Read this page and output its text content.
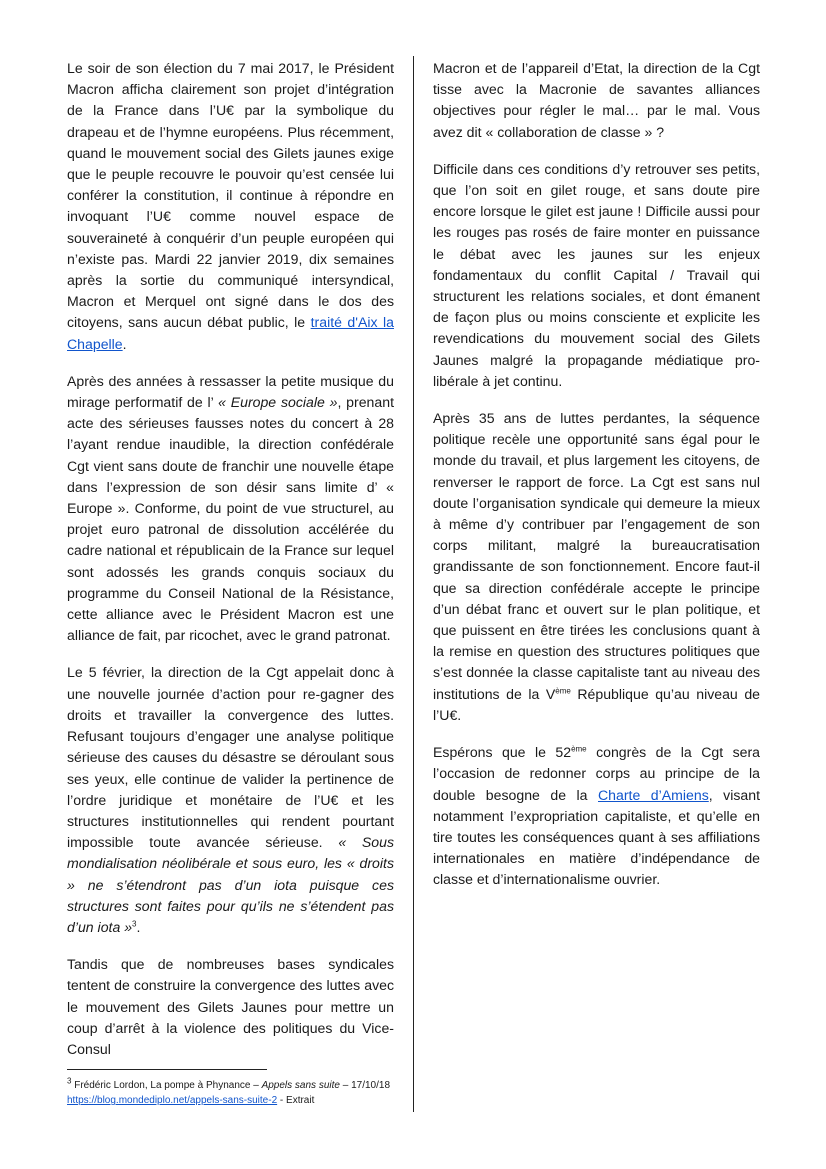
Le soir de son élection du 7 mai 2017, le Président Macron afficha clairement son projet d’intégration de la France dans l’U€ par la symbolique du drapeau et de l’hymne européens. Plus récemment, quand le mouvement social des Gilets jaunes exige que le peuple recouvre le pouvoir qu’est censée lui conférer la constitution, il continue à répondre en invoquant l’U€ comme nouvel espace de souveraineté à conquérir d’un peuple européen qui n’existe pas. Mardi 22 janvier 2019, dix semaines après la sortie du communiqué intersyndical, Macron et Merquel ont signé dans le dos des citoyens, sans aucun débat public, le traité d'Aix la Chapelle.

Après des années à ressasser la petite musique du mirage performatif de l’ « Europe sociale », prenant acte des sérieuses fausses notes du concert à 28 l’ayant rendue inaudible, la direction confédérale Cgt vient sans doute de franchir une nouvelle étape dans l’expression de son désir sans limite d’ « Europe ». Conforme, du point de vue structurel, au projet euro patronal de dissolution accélérée du cadre national et républicain de la France sur lequel sont adossés les grands conquis sociaux du programme du Conseil National de la Résistance, cette alliance avec le Président Macron est une alliance de fait, par ricochet, avec le grand patronat.

Le 5 février, la direction de la Cgt appelait donc à une nouvelle journée d’action pour re-gagner des droits et travailler la convergence des luttes. Refusant toujours d’engager une analyse politique sérieuse des causes du désastre se déroulant sous ses yeux, elle continue de valider la pertinence de l’ordre juridique et monétaire de l’U€ et les structures institutionnelles qui rendent pourtant impossible toute avancée sérieuse. « Sous mondialisation néolibérale et sous euro, les « droits » ne s’étendront pas d’un iota puisque ces structures sont faites pour qu’ils ne s’étendent pas d’un iota »$^3$.

Tandis que de nombreuses bases syndicales tentent de construire la convergence des luttes avec le mouvement des Gilets Jaunes pour mettre un coup d’arrêt à la violence des politiques du Vice-Consul

Macron et de l’appareil d’Etat, la direction de la Cgt tisse avec la Macronie de savantes alliances objectives pour régler le mal… par le mal. Vous avez dit « collaboration de classe » ?

Difficile dans ces conditions d’y retrouver ses petits, que l’on soit en gilet rouge, et sans doute pire encore lorsque le gilet est jaune ! Difficile aussi pour les rouges pas rosés de faire monter en puissance le débat avec les jaunes sur les enjeux fondamentaux du conflit Capital / Travail qui structurent les relations sociales, et dont émanent de façon plus ou moins consciente et explicite les revendications du mouvement social des Gilets Jaunes malgré la propagande médiatique pro-libérale à jet continu.

Après 35 ans de luttes perdantes, la séquence politique recèle une opportunité sans égal pour le monde du travail, et plus largement les citoyens, de renverser le rapport de force. La Cgt est sans nul doute l’organisation syndicale qui demeure la mieux à même d’y contribuer par l’engagement de son corps militant, malgré la bureaucratisation grandissante de son fonctionnement. Encore faut-il que sa direction confédérale accepte le principe d’un débat franc et ouvert sur le plan politique, et que puissent en être tirées les conclusions quant à la remise en question des structures politiques que s’est donnée la classe capitaliste tant au niveau des institutions de la Vème République qu’au niveau de l’U€.

Espérons que le 52ème congrès de la Cgt sera l’occasion de redonner corps au principe de la double besogne de la Charte d’Amiens, visant notamment l’expropriation capitaliste, et qu’elle en tire toutes les conséquences quant à ses affiliations internationales en matière d’indépendance de classe et d’internationalisme ouvrier.

$^3$ Frédéric Lordon, La pompe à Phynance – Appels sans suite – 17/10/18
https://blog.mondediplo.net/appels-sans-suite-2 - Extrait
